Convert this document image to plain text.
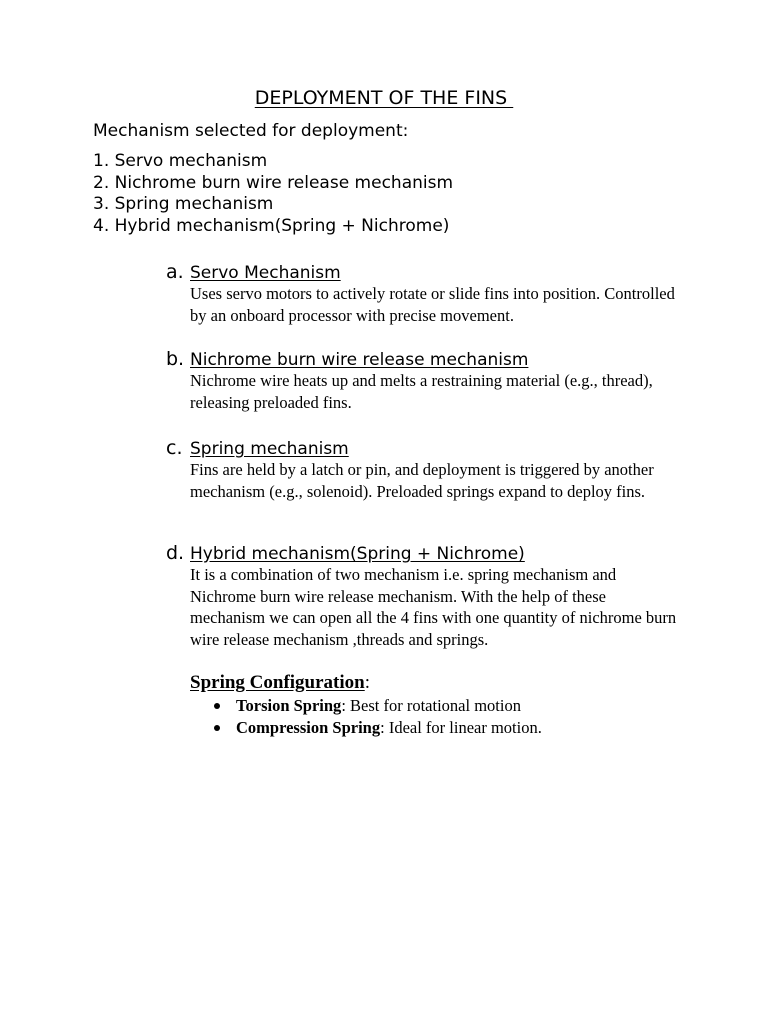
DEPLOYMENT OF THE FINS
Mechanism selected for deployment:
1. Servo mechanism
2. Nichrome burn wire release mechanism
3. Spring mechanism
4. Hybrid mechanism(Spring + Nichrome)
a. Servo Mechanism
Uses servo motors to actively rotate or slide fins into position. Controlled by an onboard processor with precise movement.
b. Nichrome burn wire release mechanism
Nichrome wire heats up and melts a restraining material (e.g., thread), releasing preloaded fins.
c. Spring mechanism
Fins are held by a latch or pin, and deployment is triggered by another mechanism (e.g., solenoid). Preloaded springs expand to deploy fins.
d. Hybrid mechanism(Spring + Nichrome)
It is a combination of two mechanism i.e. spring mechanism and Nichrome burn wire release mechanism. With the help of these mechanism we can open all the 4 fins with one quantity of nichrome burn wire release mechanism ,threads and springs.
Spring Configuration:
Torsion Spring: Best for rotational motion
Compression Spring: Ideal for linear motion.
